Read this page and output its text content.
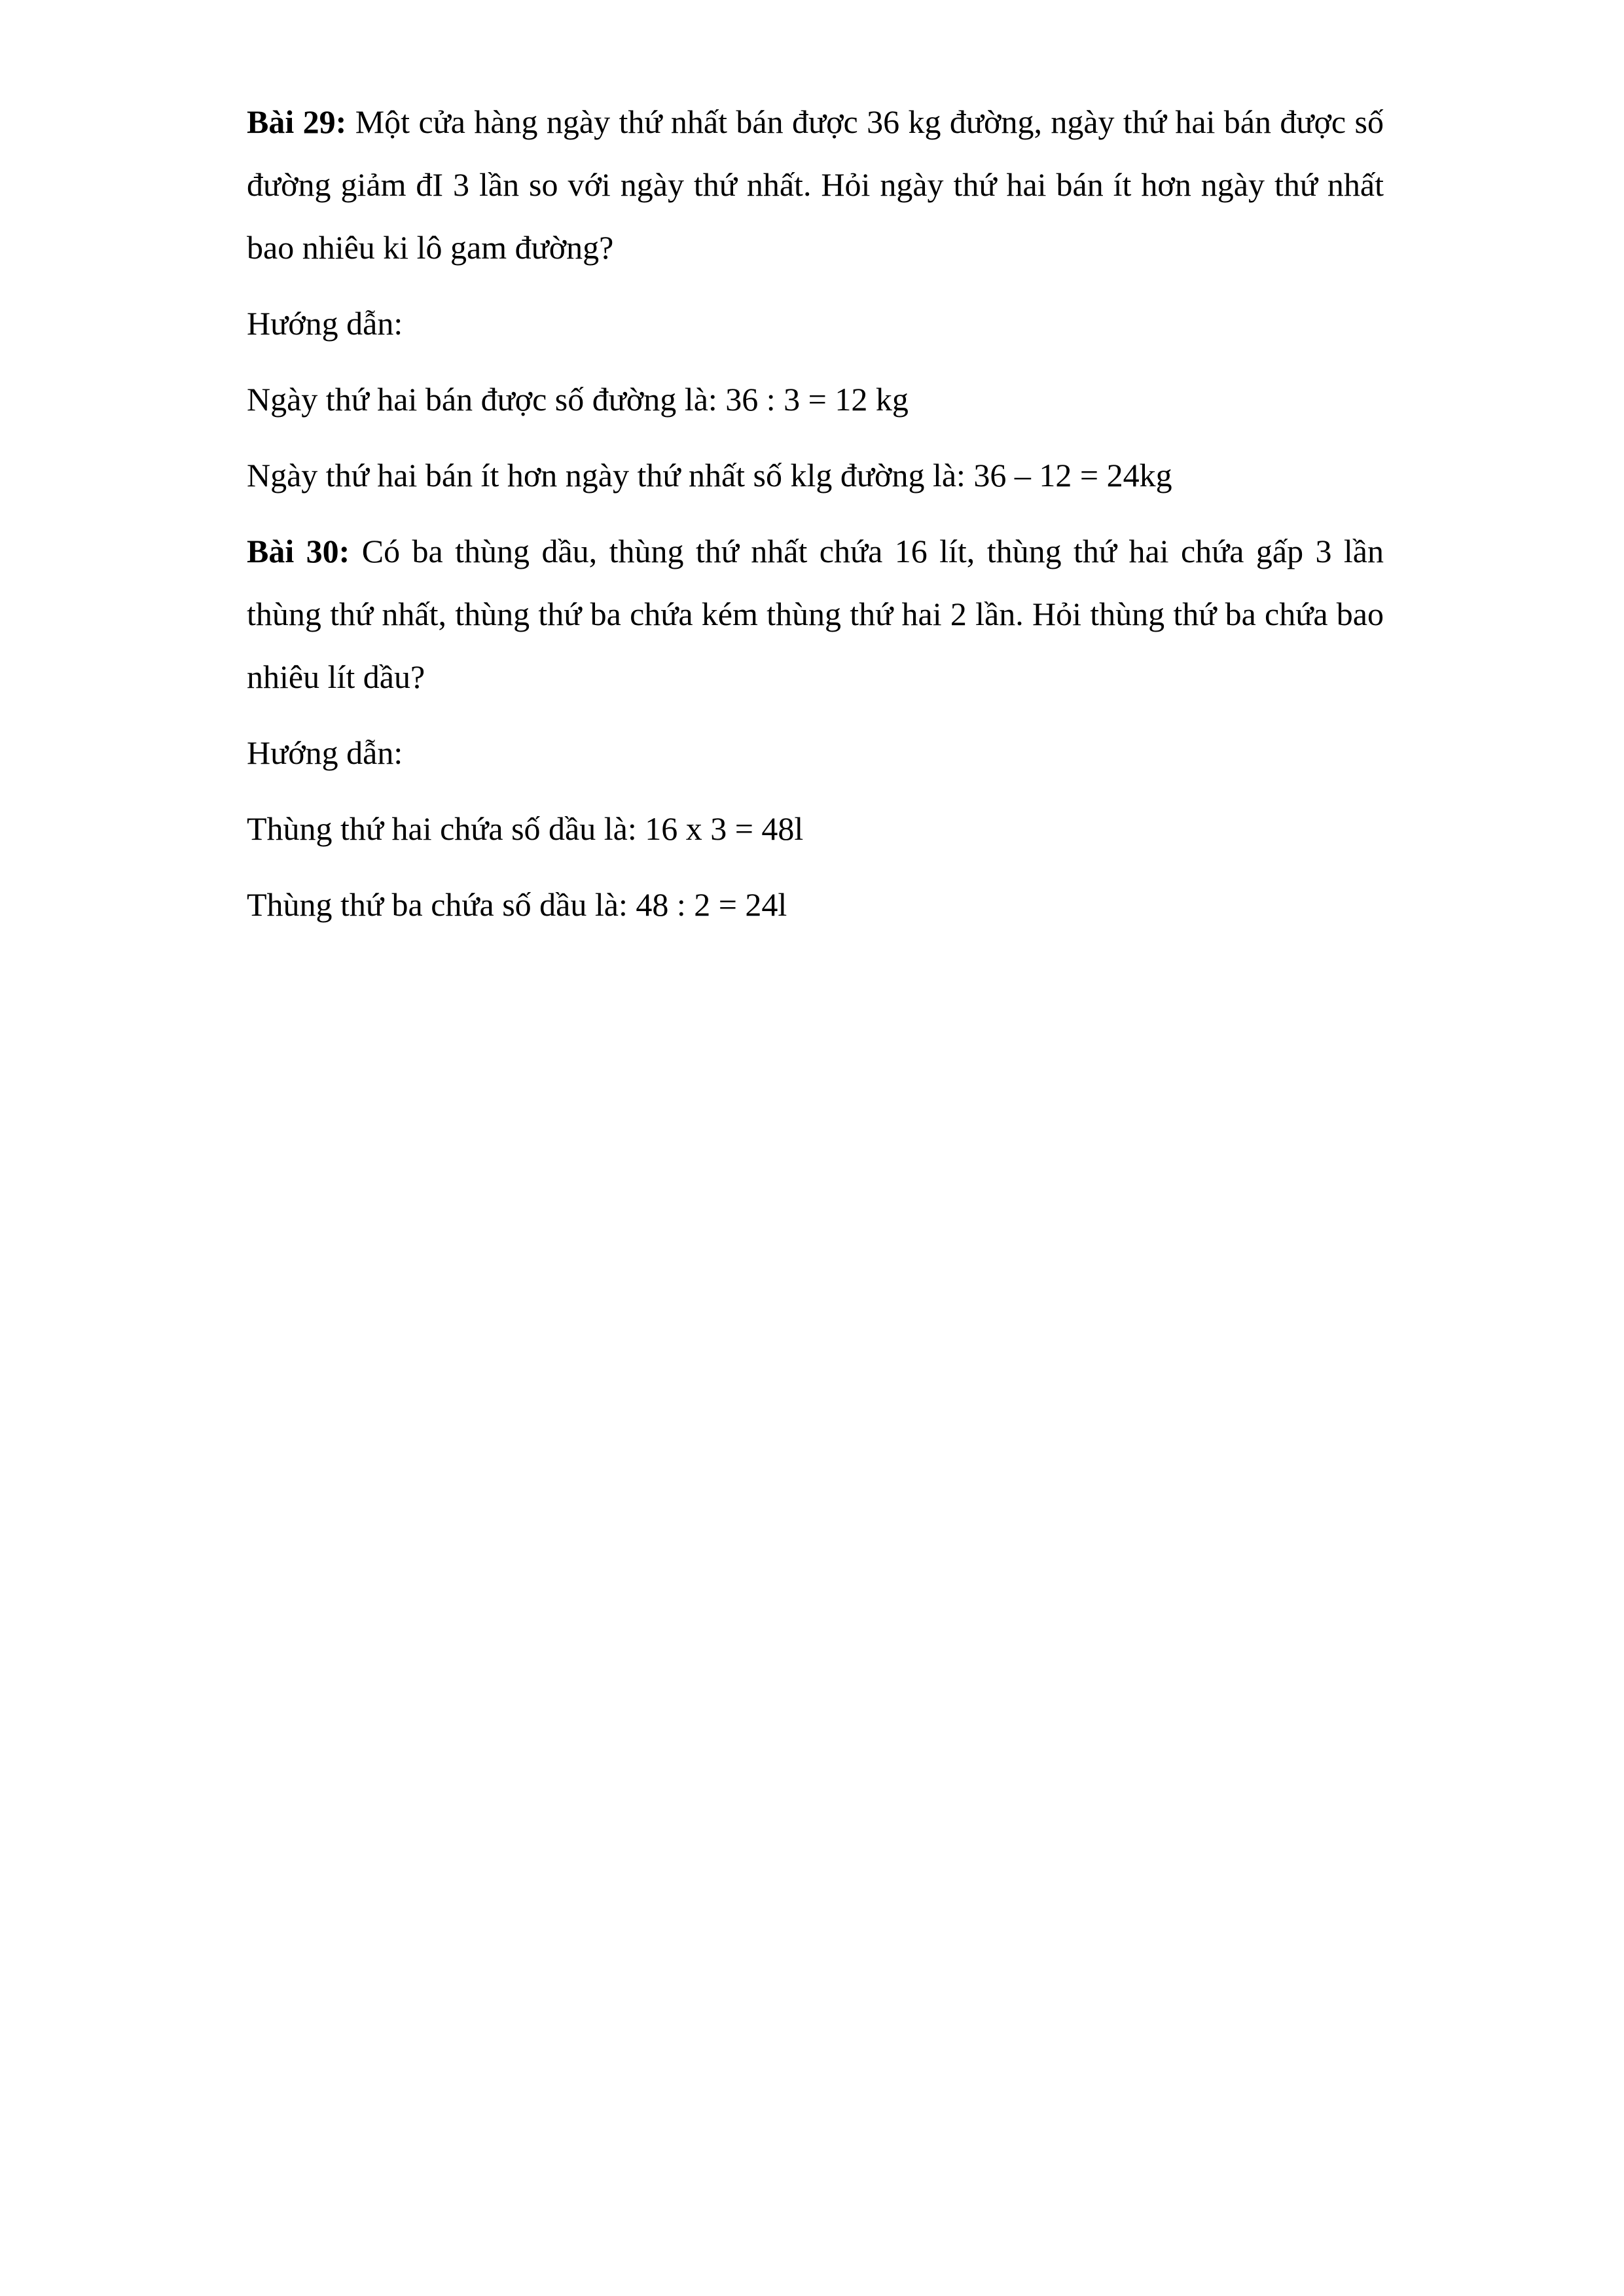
Bài 29: Một cửa hàng ngày thứ nhất bán được 36 kg đường, ngày thứ hai bán được số đường giảm đI 3 lần so với ngày thứ nhất. Hỏi ngày thứ hai bán ít hơn ngày thứ nhất bao nhiêu ki lô gam đường?

Hướng dẫn:

Ngày thứ hai bán được số đường là: 36 : 3 = 12 kg

Ngày thứ hai bán ít hơn ngày thứ nhất số klg đường là: 36 – 12 = 24kg

Bài 30: Có ba thùng dầu, thùng thứ nhất chứa 16 lít, thùng thứ hai chứa gấp 3 lần thùng thứ nhất, thùng thứ ba chứa kém thùng thứ hai 2 lần. Hỏi thùng thứ ba chứa bao nhiêu lít dầu?

Hướng dẫn:

Thùng thứ hai chứa số dầu là: 16 x 3 = 48l

Thùng thứ ba chứa số dầu là: 48 : 2 = 24l
